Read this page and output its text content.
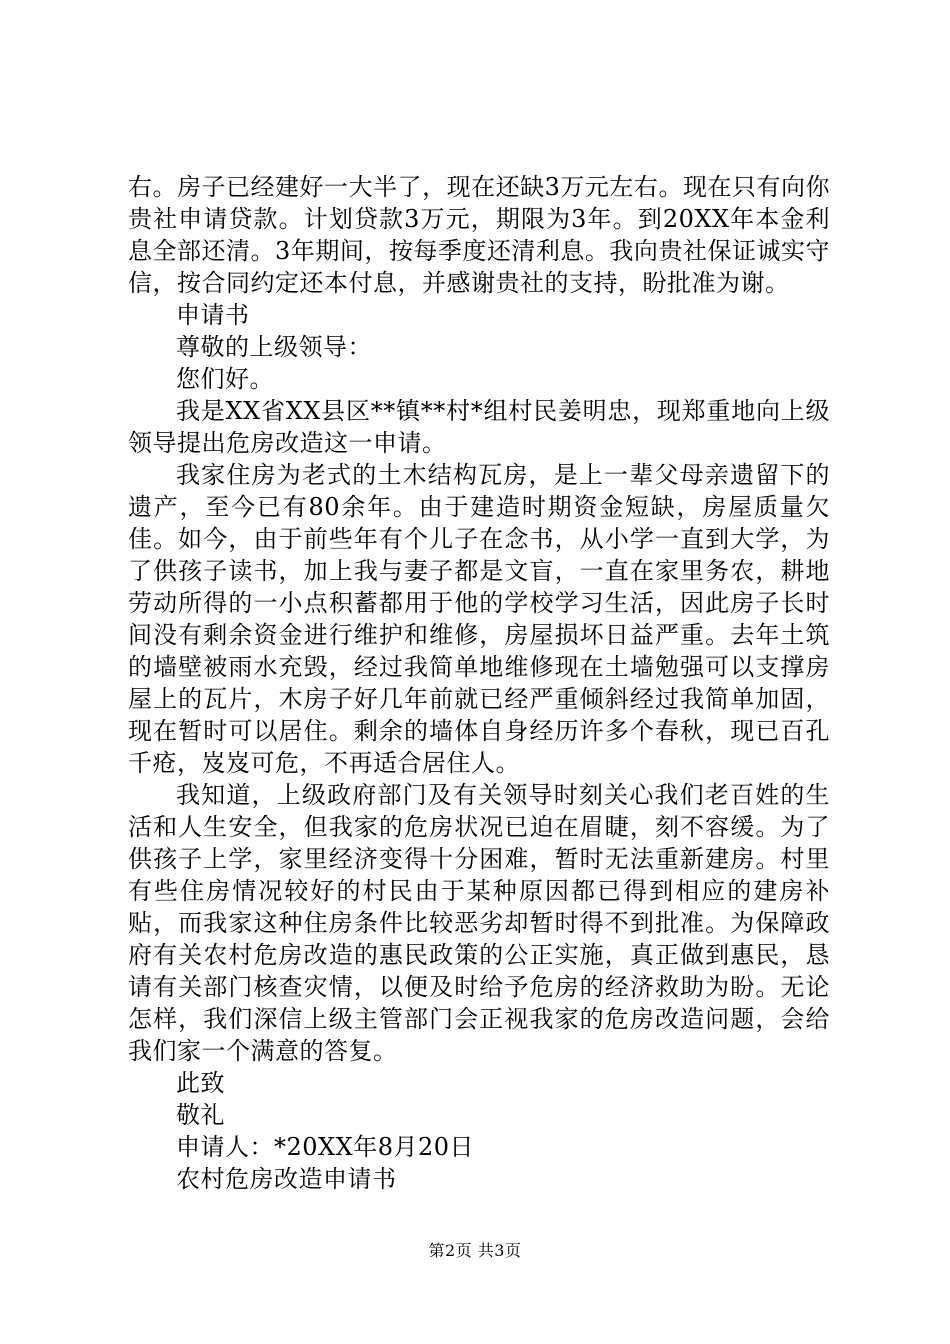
右。房子已经建好一大半了，现在还缺3万元左右。现在只有向你贵社申请贷款。计划贷款3万元，期限为3年。到20XX年本金利息全部还清。3年期间，按每季度还清利息。我向贵社保证诚实守信，按合同约定还本付息，并感谢贵社的支持，盼批准为谢。

申请书

尊敬的上级领导：

您们好。

我是XX省XX县区**镇**村*组村民姜明忠，现郑重地向上级领导提出危房改造这一申请。

我家住房为老式的土木结构瓦房，是上一辈父母亲遗留下的遗产，至今已有80余年。由于建造时期资金短缺，房屋质量欠佳。如今，由于前些年有个儿子在念书，从小学一直到大学，为了供孩子读书，加上我与妻子都是文盲，一直在家里务农，耕地劳动所得的一小点积蓄都用于他的学校学习生活，因此房子长时间没有剩余资金进行维护和维修，房屋损坏日益严重。去年土筑的墙壁被雨水充毁，经过我简单地维修现在土墙勉强可以支撑房屋上的瓦片，木房子好几年前就已经严重倾斜经过我简单加固，现在暂时可以居住。剩余的墙体自身经历许多个春秋，现已百孔千疮，岌岌可危，不再适合居住人。

我知道，上级政府部门及有关领导时刻关心我们老百姓的生活和人生安全，但我家的危房状况已迫在眉睫，刻不容缓。为了供孩子上学，家里经济变得十分困难，暂时无法重新建房。村里有些住房情况较好的村民由于某种原因都已得到相应的建房补贴，而我家这种住房条件比较恶劣却暂时得不到批准。为保障政府有关农村危房改造的惠民政策的公正实施，真正做到惠民，恳请有关部门核查灾情，以便及时给予危房的经济救助为盼。无论怎样，我们深信上级主管部门会正视我家的危房改造问题，会给我们家一个满意的答复。

此致

敬礼

申请人：*20XX年8月20日

农村危房改造申请书

第2页 共3页
